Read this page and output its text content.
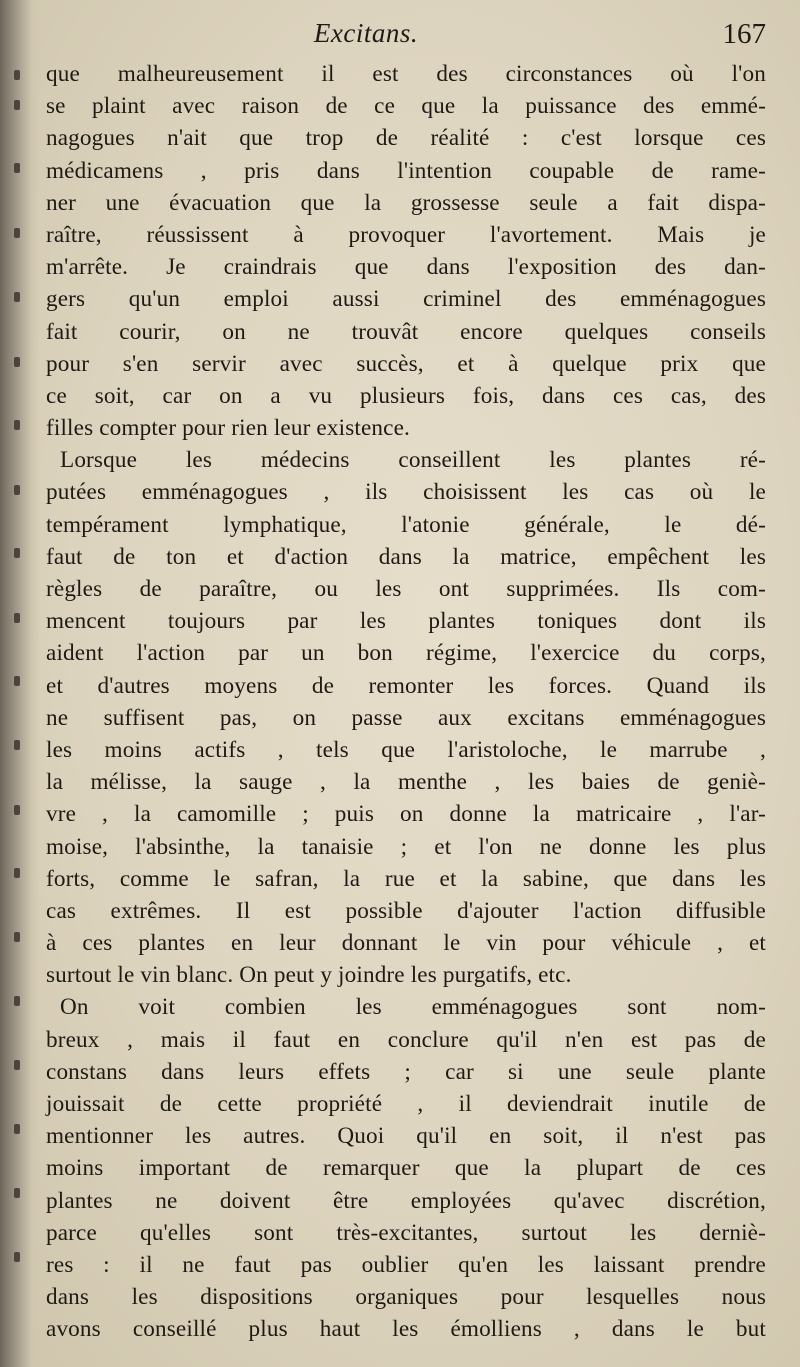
Excitans.	167
que malheureusement il est des circonstances où l'on
se plaint avec raison de ce que la puissance des emmé-
nagogues n'ait que trop de réalité : c'est lorsque ces
médicamens , pris dans l'intention coupable de rame-
ner une évacuation que la grossesse seule a fait dispa-
raître, réussissent à provoquer l'avortement. Mais je
m'arrête. Je craindrais que dans l'exposition des dan-
gers qu'un emploi aussi criminel des emménagogues
fait courir, on ne trouvât encore quelques conseils
pour s'en servir avec succès, et à quelque prix que
ce soit, car on a vu plusieurs fois, dans ces cas, des
filles compter pour rien leur existence.
Lorsque les médecins conseillent les plantes ré-
putées emménagogues , ils choisissent les cas où le
tempérament lymphatique, l'atonie générale, le dé-
faut de ton et d'action dans la matrice, empêchent les
règles de paraître, ou les ont supprimées. Ils com-
mencent toujours par les plantes toniques dont ils
aident l'action par un bon régime, l'exercice du corps,
et d'autres moyens de remonter les forces. Quand ils
ne suffisent pas, on passe aux excitans emménagogues
les moins actifs , tels que l'aristoloche, le marrube ,
la mélisse, la sauge , la menthe , les baies de geniè-
vre , la camomille ; puis on donne la matricaire , l'ar-
moise, l'absinthe, la tanaisie ; et l'on ne donne les plus
forts, comme le safran, la rue et la sabine, que dans les
cas extrêmes. Il est possible d'ajouter l'action diffusible
à ces plantes en leur donnant le vin pour véhicule , et
surtout le vin blanc. On peut y joindre les purgatifs, etc.
On voit combien les emménagogues sont nom-
breux , mais il faut en conclure qu'il n'en est pas de
constans dans leurs effets ; car si une seule plante
jouissait de cette propriété , il deviendrait inutile de
mentionner les autres. Quoi qu'il en soit, il n'est pas
moins important de remarquer que la plupart de ces
plantes ne doivent être employées qu'avec discrétion,
parce qu'elles sont très-excitantes, surtout les derniè-
res : il ne faut pas oublier qu'en les laissant prendre
dans les dispositions organiques pour lesquelles nous
avons conseillé plus haut les émolliens , dans le but
